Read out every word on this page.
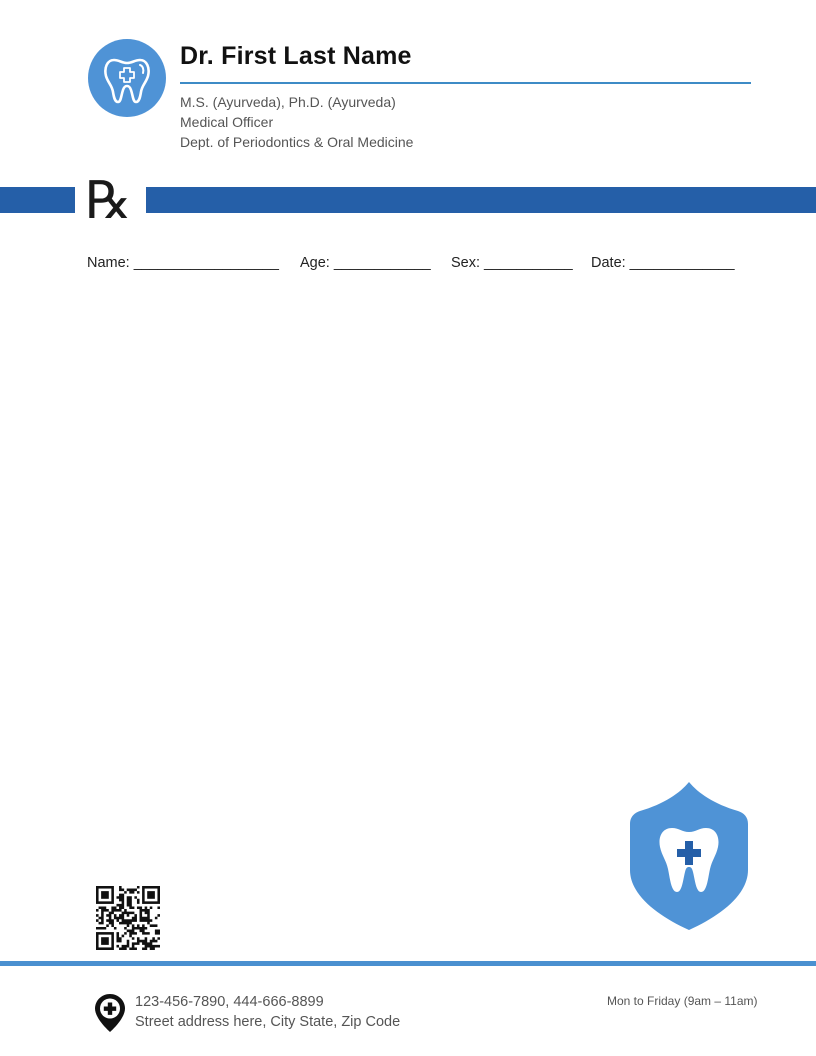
Dr. First Last Name
M.S. (Ayurveda), Ph.D. (Ayurveda)
Medical Officer
Dept. of Periodontics & Oral Medicine
℞
Name: __________________ Age: ____________ Sex: ___________ Date: _____________
123-456-7890, 444-666-8899
Street address here, City State, Zip Code
Mon to Friday (9am – 11am)
